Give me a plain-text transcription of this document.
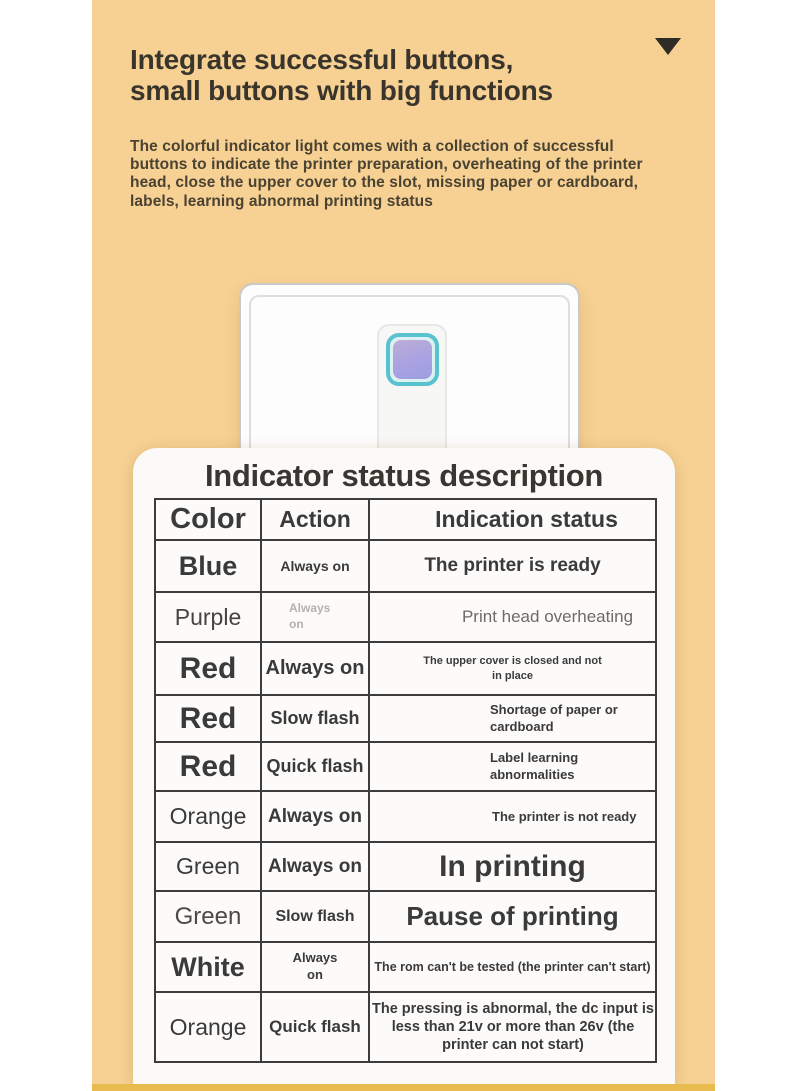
Integrate successful buttons,
small buttons with big functions

The colorful indicator light comes with a collection of successful buttons to indicate the printer preparation, overheating of the printer head, close the upper cover to the slot, missing paper or cardboard, labels, learning abnormal printing status

Indicator status description
Color	Action	Indication status
Blue	Always on	The printer is ready
Purple	Always on	Print head overheating
Red	Always on	The upper cover is closed and not in place
Red	Slow flash	Shortage of paper or cardboard
Red	Quick flash	Label learning abnormalities
Orange	Always on	The printer is not ready
Green	Always on	In printing
Green	Slow flash	Pause of printing
White	Always on	The rom can't be tested (the printer can't start)
Orange	Quick flash	The pressing is abnormal, the dc input is less than 21v or more than 26v (the printer can not start)
